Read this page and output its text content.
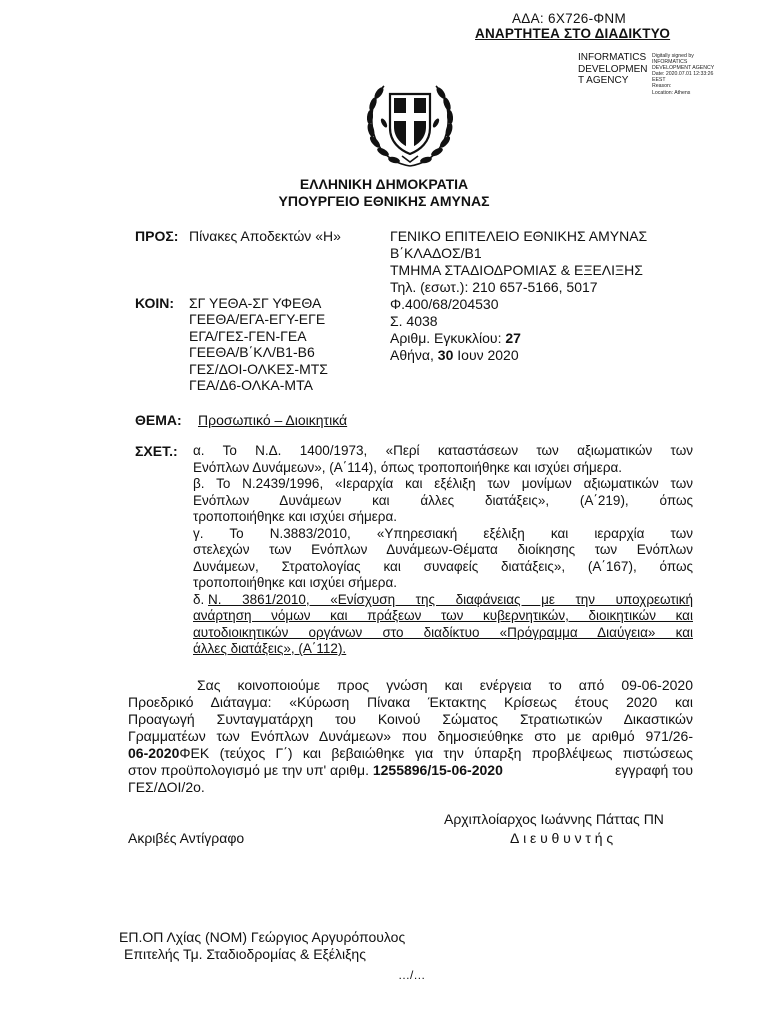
ΑΔΑ: 6Χ726-ΦΝΜ
ΑΝΑΡΤΗΤΕΑ ΣΤΟ ΔΙΑΔΙΚΤΥΟ
INFORMATICS DEVELOPMEN T AGENCY
Digitally signed by
INFORMATICS
DEVELOPMENT AGENCY
Date: 2020.07.01 12:33:26
EEST
Reason:
Location: Athens
ΕΛΛΗΝΙΚΗ ΔΗΜΟΚΡΑΤΙΑ
ΥΠΟΥΡΓΕΙΟ ΕΘΝΙΚΗΣ ΑΜΥΝΑΣ
ΠΡΟΣ: Πίνακες Αποδεκτών «Η»	ΓΕΝΙΚΟ ΕΠΙΤΕΛΕΙΟ ΕΘΝΙΚΗΣ ΑΜΥΝΑΣ
Β΄ΚΛΑΔΟΣ/Β1
ΤΜΗΜΑ ΣΤΑΔΙΟΔΡΟΜΙΑΣ & ΕΞΕΛΙΞΗΣ
Τηλ. (εσωτ.): 210 657-5166, 5017
Φ.400/68/204530
Σ. 4038
Αριθμ. Εγκυκλίου: 27
Αθήνα, 30 Ιουν 2020
ΚΟΙΝ: ΣΓ ΥΕΘΑ-ΣΓ ΥΦΕΘΑ
ΓΕΕΘΑ/ΕΓΑ-ΕΓΥ-ΕΓΕ
ΕΓΑ/ΓΕΣ-ΓΕΝ-ΓΕΑ
ΓΕΕΘΑ/Β΄ΚΛ/Β1-Β6
ΓΕΣ/ΔΟΙ-ΟΛΚΕΣ-ΜΤΣ
ΓΕΑ/Δ6-ΟΛΚΑ-ΜΤΑ
ΘΕΜΑ: Προσωπικό – Διοικητικά
ΣΧΕΤ.: α. Το Ν.Δ. 1400/1973, «Περί καταστάσεων των αξιωματικών των
Ενόπλων Δυνάμεων», (Α΄114), όπως τροποποιήθηκε και ισχύει σήμερα.
β. Το Ν.2439/1996, «Ιεραρχία και εξέλιξη των μονίμων αξιωματικών των
Ενόπλων Δυνάμεων και άλλες διατάξεις», (Α΄219), όπως
τροποποιήθηκε και ισχύει σήμερα.
γ. Το Ν.3883/2010, «Υπηρεσιακή εξέλιξη και ιεραρχία των
στελεχών των Ενόπλων Δυνάμεων-Θέματα διοίκησης των Ενόπλων
Δυνάμεων, Στρατολογίας και συναφείς διατάξεις», (Α΄167), όπως
τροποποιήθηκε και ισχύει σήμερα.
δ. Ν. 3861/2010, «Ενίσχυση της διαφάνειας με την υποχρεωτική
ανάρτηση νόμων και πράξεων των κυβερνητικών, διοικητικών και
αυτοδιοικητικών οργάνων στο διαδίκτυο «Πρόγραμμα Διαύγεια» και
άλλες διατάξεις», (Α΄112).
Σας κοινοποιούμε προς γνώση και ενέργεια το από 09-06-2020
Προεδρικό Διάταγμα: «Κύρωση Πίνακα Έκτακτης Κρίσεως έτους 2020 και
Προαγωγή Συνταγματάρχη του Κοινού Σώματος Στρατιωτικών Δικαστικών
Γραμματέων των Ενόπλων Δυνάμεων» που δημοσιεύθηκε στο με αριθμό 971/26-
06-2020 ΦΕΚ (τεύχος Γ΄) και βεβαιώθηκε για την ύπαρξη προβλέψεως πιστώσεως
στον προϋπολογισμό με την υπ' αριθμ. 1255896/15-06-2020	εγγραφή του
ΓΕΣ/ΔΟΙ/2ο.
Αρχιπλοίαρχος Ιωάννης Πάττας ΠΝ
Ακριβές Αντίγραφο	Διευθυντής
ΕΠ.ΟΠ Λχίας (ΝΟΜ) Γεώργιος Αργυρόπουλος
Επιτελής Τμ. Σταδιοδρομίας & Εξέλιξης
…/…
